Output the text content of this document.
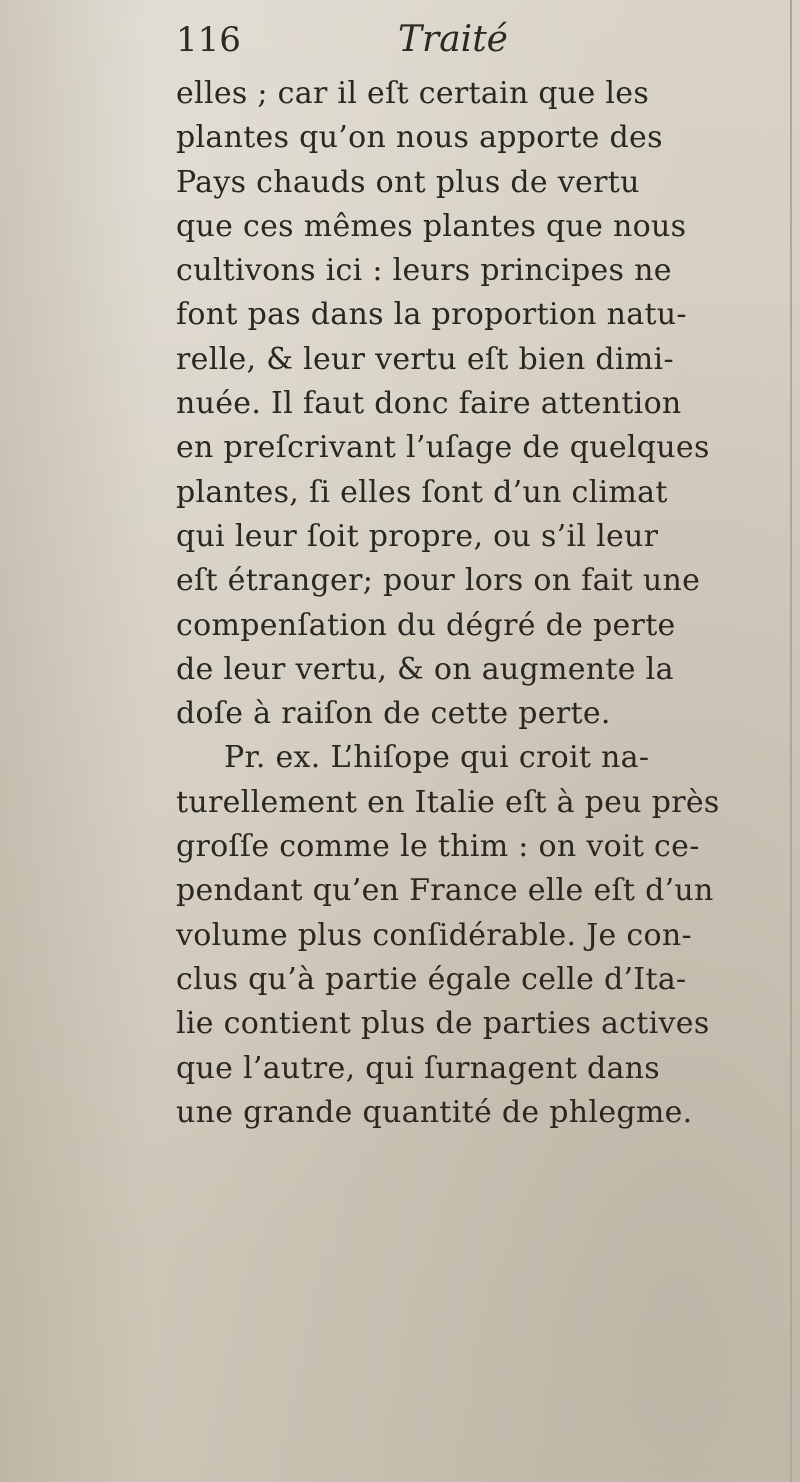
116	Traité
elles ; car il eſt certain que les
plantes qu’on nous apporte des
Pays chauds ont plus de vertu
que ces mêmes plantes que nous
cultivons ici : leurs principes ne
font pas dans la proportion natu-
relle, & leur vertu eſt bien dimi-
nuée. Il faut donc faire attention
en preſcrivant l’uſage de quelques
plantes, ſi elles ſont d’un climat
qui leur ſoit propre, ou s’il leur
eſt étranger; pour lors on fait une
compenſation du dégré de perte
de leur vertu, & on augmente la
doſe à raiſon de cette perte.
Pr. ex. L’hiſope qui croit na-
turellement en Italie eſt à peu près
groſſe comme le thim : on voit ce-
pendant qu’en France elle eſt d’un
volume plus conſidérable. Je con-
clus qu’à partie égale celle d’Ita-
lie contient plus de parties actives
que l’autre, qui ſurnagent dans
une grande quantité de phlegme.
